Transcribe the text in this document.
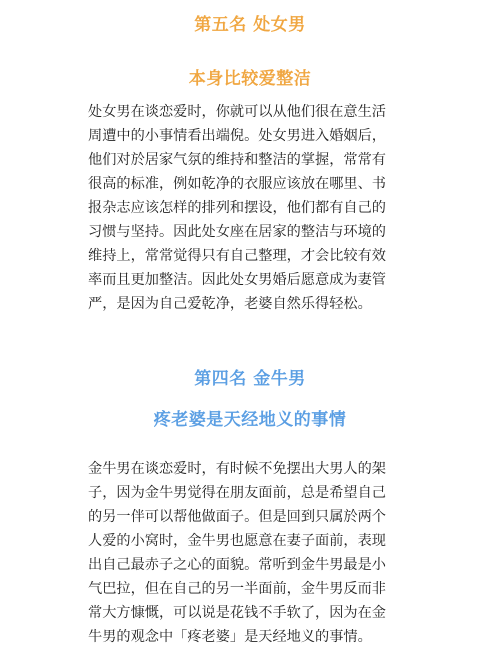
第五名 处女男
本身比较爱整洁

处女男在谈恋爱时，你就可以从他们很在意生活
周遭中的小事情看出端倪。处女男进入婚姻后，
他们对於居家气氛的维持和整洁的掌握，常常有
很高的标准，例如乾净的衣服应该放在哪里、书
报杂志应该怎样的排列和摆设，他们都有自己的
习惯与坚持。因此处女座在居家的整洁与环境的
维持上，常常觉得只有自己整理，才会比较有效
率而且更加整洁。因此处女男婚后愿意成为妻管
严，是因为自己爱乾净，老婆自然乐得轻松。

第四名 金牛男
疼老婆是天经地义的事情

金牛男在谈恋爱时，有时候不免摆出大男人的架
子，因为金牛男觉得在朋友面前，总是希望自己
的另一伴可以帮他做面子。但是回到只属於两个
人爱的小窝时，金牛男也愿意在妻子面前，表现
出自己最赤子之心的面貌。常听到金牛男最是小
气巴拉，但在自己的另一半面前，金牛男反而非
常大方慷慨，可以说是花钱不手软了，因为在金
牛男的观念中「疼老婆」是天经地义的事情。
